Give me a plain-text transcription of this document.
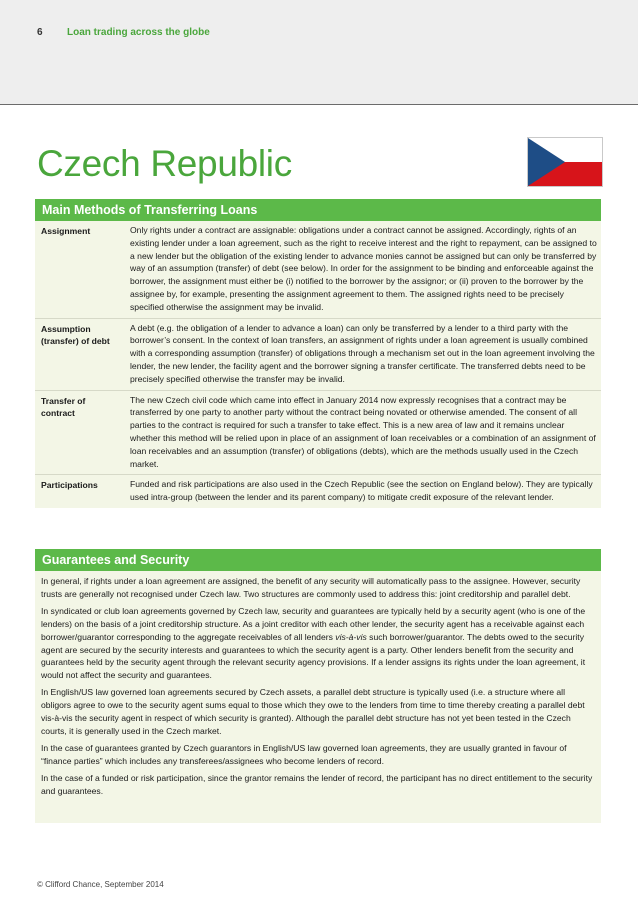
6 Loan trading across the globe
Czech Republic
Main Methods of Transferring Loans
Assignment	Only rights under a contract are assignable: obligations under a contract cannot be assigned. Accordingly, rights of an existing lender under a loan agreement, such as the right to receive interest and the right to repayment, can be assigned to a new lender but the obligation of the existing lender to advance monies cannot be assigned but can only be transferred by way of an assumption (transfer) of debt (see below). In order for the assignment to be binding and enforceable against the borrower, the assignment must either be (i) notified to the borrower by the assignor; or (ii) proven to the borrower by the assignee by, for example, presenting the assignment agreement to them. The assigned rights need to be precisely specified otherwise the assignment may be invalid.
Assumption (transfer) of debt	A debt (e.g. the obligation of a lender to advance a loan) can only be transferred by a lender to a third party with the borrower’s consent. In the context of loan transfers, an assignment of rights under a loan agreement is usually combined with a corresponding assumption (transfer) of obligations through a mechanism set out in the loan agreement involving the lender, the new lender, the facility agent and the borrower signing a transfer certificate. The transferred debts need to be precisely specified otherwise the transfer may be invalid.
Transfer of contract	The new Czech civil code which came into effect in January 2014 now expressly recognises that a contract may be transferred by one party to another party without the contract being novated or otherwise amended. The consent of all parties to the contract is required for such a transfer to take effect. This is a new area of law and it remains unclear whether this method will be relied upon in place of an assignment of loan receivables or a combination of an assignment of loan receivables and an assumption (transfer) of obligations (debts), which are the methods usually used in the Czech market.
Participations	Funded and risk participations are also used in the Czech Republic (see the section on England below). They are typically used intra-group (between the lender and its parent company) to mitigate credit exposure of the relevant lender.
Guarantees and Security

In general, if rights under a loan agreement are assigned, the benefit of any security will automatically pass to the assignee. However, security trusts are generally not recognised under Czech law. Two structures are commonly used to address this: joint creditorship and parallel debt.

In syndicated or club loan agreements governed by Czech law, security and guarantees are typically held by a security agent (who is one of the lenders) on the basis of a joint creditorship structure. As a joint creditor with each other lender, the security agent has a receivable against each borrower/guarantor corresponding to the aggregate receivables of all lenders vis-à-vis such borrower/guarantor. The debts owed to the security agent are secured by the security interests and guarantees to which the security agent is a party. Other lenders benefit from the security and guarantees held by the security agent through the relevant security agency provisions. If a lender assigns its rights under the loan agreement, it would not affect the security and guarantees.

In English/US law governed loan agreements secured by Czech assets, a parallel debt structure is typically used (i.e. a structure where all obligors agree to owe to the security agent sums equal to those which they owe to the lenders from time to time thereby creating a parallel debt vis-à-vis the security agent in respect of which security is granted). Although the parallel debt structure has not yet been tested in the Czech courts, it is generally used in the Czech market.

In the case of guarantees granted by Czech guarantors in English/US law governed loan agreements, they are usually granted in favour of “finance parties” which includes any transferees/assignees who become lenders of record.

In the case of a funded or risk participation, since the grantor remains the lender of record, the participant has no direct entitlement to the security and guarantees.

© Clifford Chance, September 2014
